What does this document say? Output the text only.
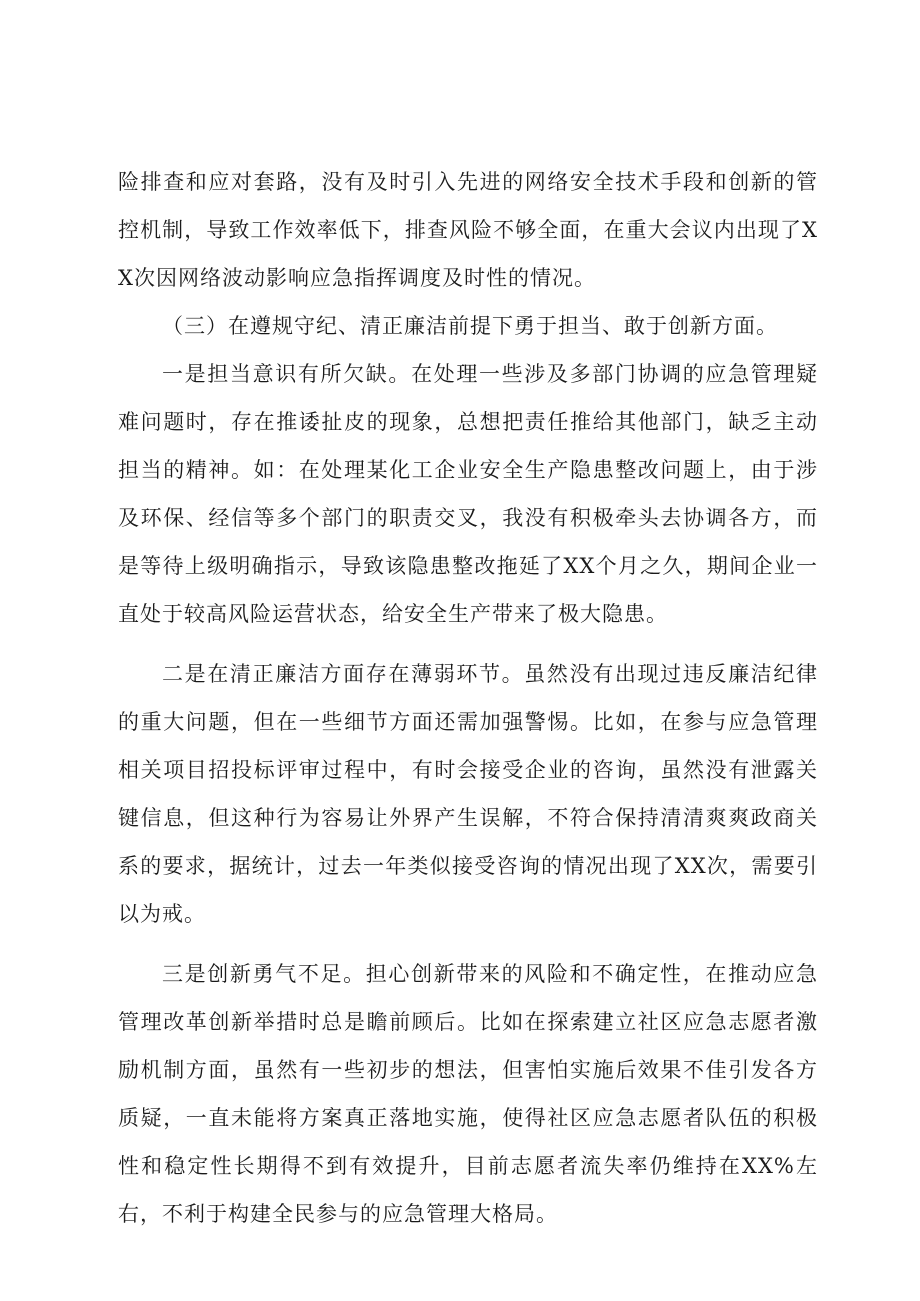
险排查和应对套路，没有及时引入先进的网络安全技术手段和创新的管控机制，导致工作效率低下，排查风险不够全面，在重大会议内出现了XX次因网络波动影响应急指挥调度及时性的情况。

（三）在遵规守纪、清正廉洁前提下勇于担当、敢于创新方面。

一是担当意识有所欠缺。在处理一些涉及多部门协调的应急管理疑难问题时，存在推诿扯皮的现象，总想把责任推给其他部门，缺乏主动担当的精神。如：在处理某化工企业安全生产隐患整改问题上，由于涉及环保、经信等多个部门的职责交叉，我没有积极牵头去协调各方，而是等待上级明确指示，导致该隐患整改拖延了XX个月之久，期间企业一直处于较高风险运营状态，给安全生产带来了极大隐患。

二是在清正廉洁方面存在薄弱环节。虽然没有出现过违反廉洁纪律的重大问题，但在一些细节方面还需加强警惕。比如，在参与应急管理相关项目招投标评审过程中，有时会接受企业的咨询，虽然没有泄露关键信息，但这种行为容易让外界产生误解，不符合保持清清爽爽政商关系的要求，据统计，过去一年类似接受咨询的情况出现了XX次，需要引以为戒。

三是创新勇气不足。担心创新带来的风险和不确定性，在推动应急管理改革创新举措时总是瞻前顾后。比如在探索建立社区应急志愿者激励机制方面，虽然有一些初步的想法，但害怕实施后效果不佳引发各方质疑，一直未能将方案真正落地实施，使得社区应急志愿者队伍的积极性和稳定性长期得不到有效提升，目前志愿者流失率仍维持在XX%左右，不利于构建全民参与的应急管理大格局。
